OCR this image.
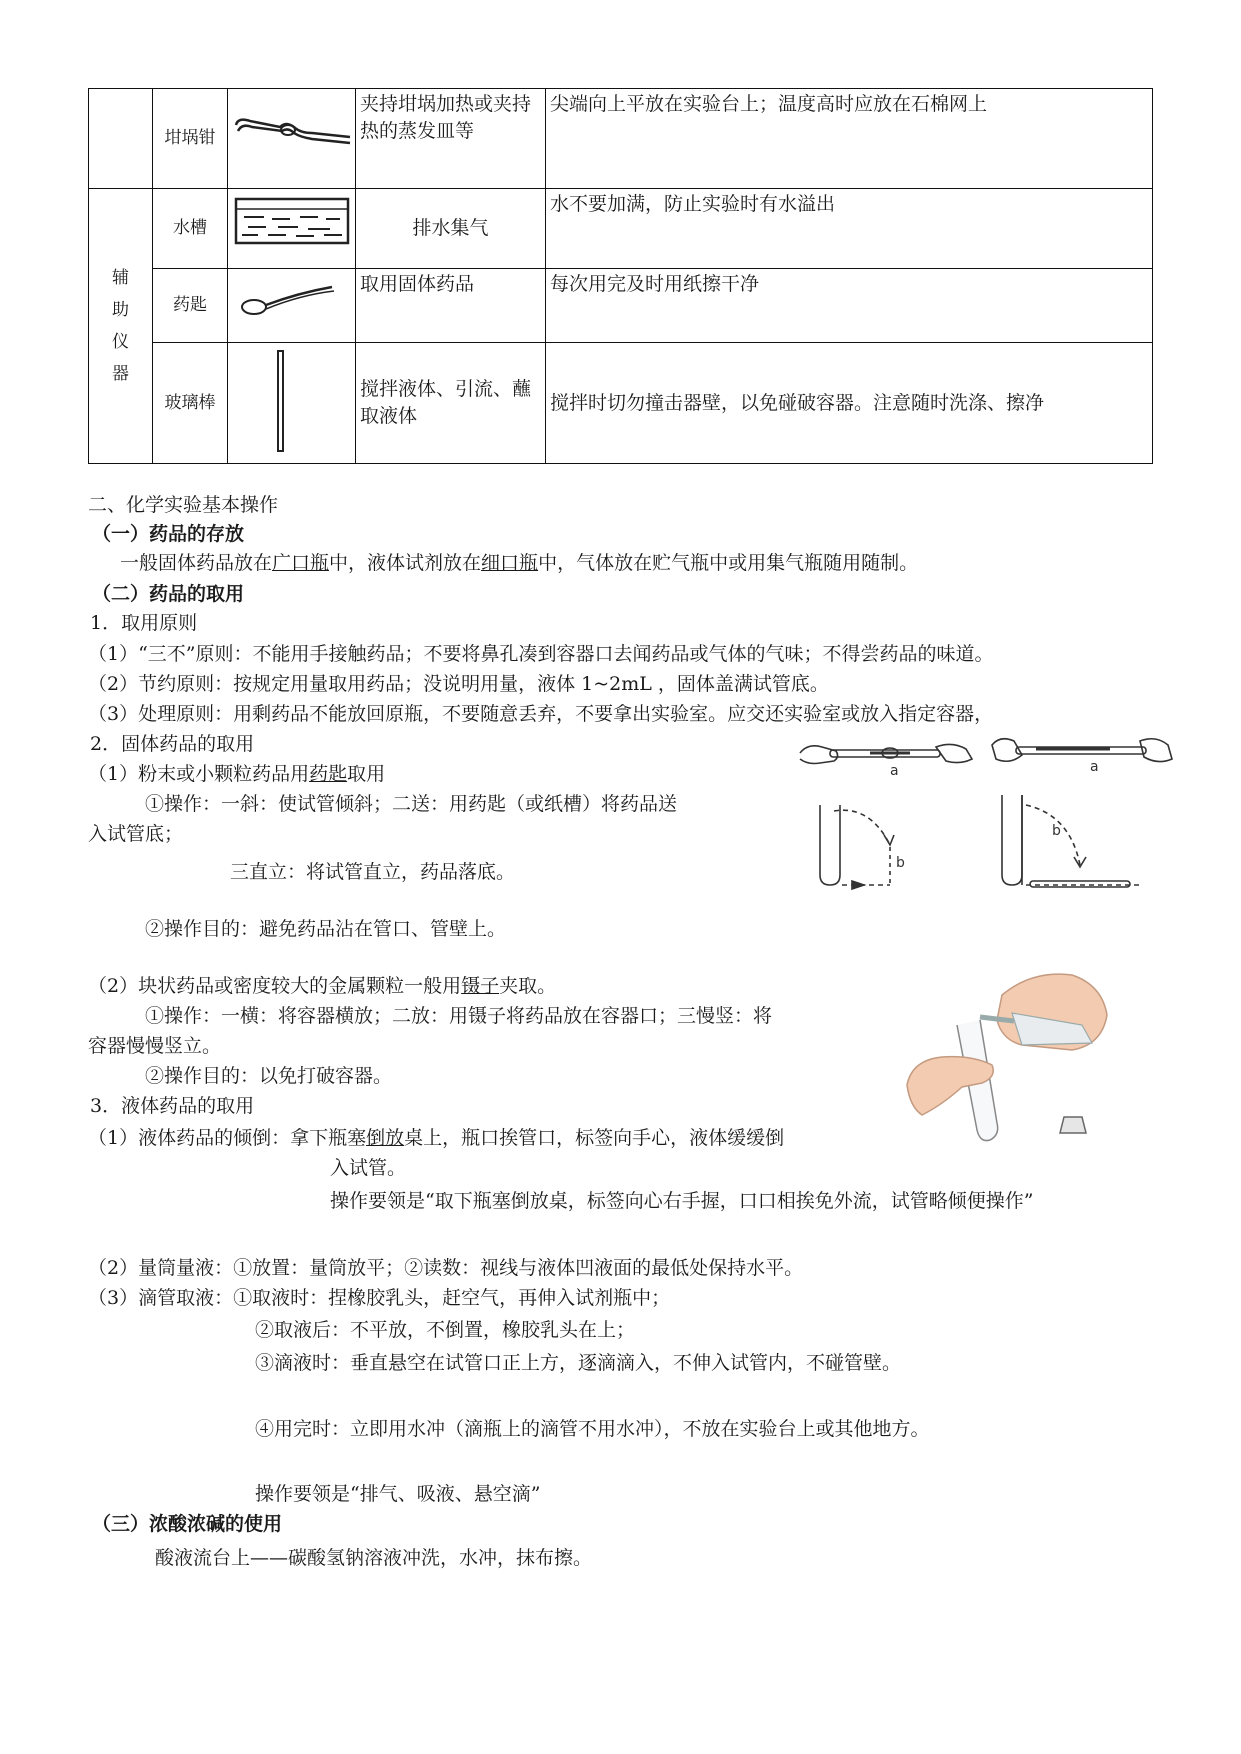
	坩埚钳		夹持坩埚加热或夹持热的蒸发皿等	尖端向上平放在实验台上；温度高时应放在石棉网上
辅
助
仪
器	水槽		排水集气	水不要加满，防止实验时有水溢出
	药匙		取用固体药品	每次用完及时用纸擦干净
	玻璃棒		搅拌液体、引流、蘸取液体	搅拌时切勿撞击器壁，以免碰破容器。注意随时洗涤、擦净
二、化学实验基本操作
（一）药品的存放
一般固体药品放在广口瓶中，液体试剂放在细口瓶中，气体放在贮气瓶中或用集气瓶随用随制。
（二）药品的取用
1．取用原则
（1）“三不”原则：不能用手接触药品；不要将鼻孔凑到容器口去闻药品或气体的气味；不得尝药品的味道。
（2）节约原则：按规定用量取用药品；没说明用量，液体 1~2mL ，固体盖满试管底。
（3）处理原则：用剩药品不能放回原瓶，不要随意丢弃，不要拿出实验室。应交还实验室或放入指定容器，
2．固体药品的取用
（1）粉末或小颗粒药品用药匙取用
①操作：一斜：使试管倾斜；二送：用药匙（或纸槽）将药品送
入试管底；
三直立：将试管直立，药品落底。
②操作目的：避免药品沾在管口、管壁上。
（2）块状药品或密度较大的金属颗粒一般用镊子夹取。
①操作：一横：将容器横放；二放：用镊子将药品放在容器口；三慢竖：将
容器慢慢竖立。
②操作目的：以免打破容器。
3．液体药品的取用
（1）液体药品的倾倒：拿下瓶塞倒放桌上，瓶口挨管口，标签向手心，液体缓缓倒
入试管。
操作要领是“取下瓶塞倒放桌，标签向心右手握，口口相挨免外流，试管略倾便操作”
（2）量筒量液：①放置：量筒放平；②读数：视线与液体凹液面的最低处保持水平。
（3）滴管取液：①取液时：捏橡胶乳头，赶空气，再伸入试剂瓶中；
②取液后：不平放，不倒置，橡胶乳头在上；
③滴液时：垂直悬空在试管口正上方，逐滴滴入，不伸入试管内，不碰管壁。
④用完时：立即用水冲（滴瓶上的滴管不用水冲），不放在实验台上或其他地方。
操作要领是“排气、吸液、悬空滴”
（三）浓酸浓碱的使用
酸液流台上——碳酸氢钠溶液冲洗，水冲，抹布擦。
a	a
b
b
